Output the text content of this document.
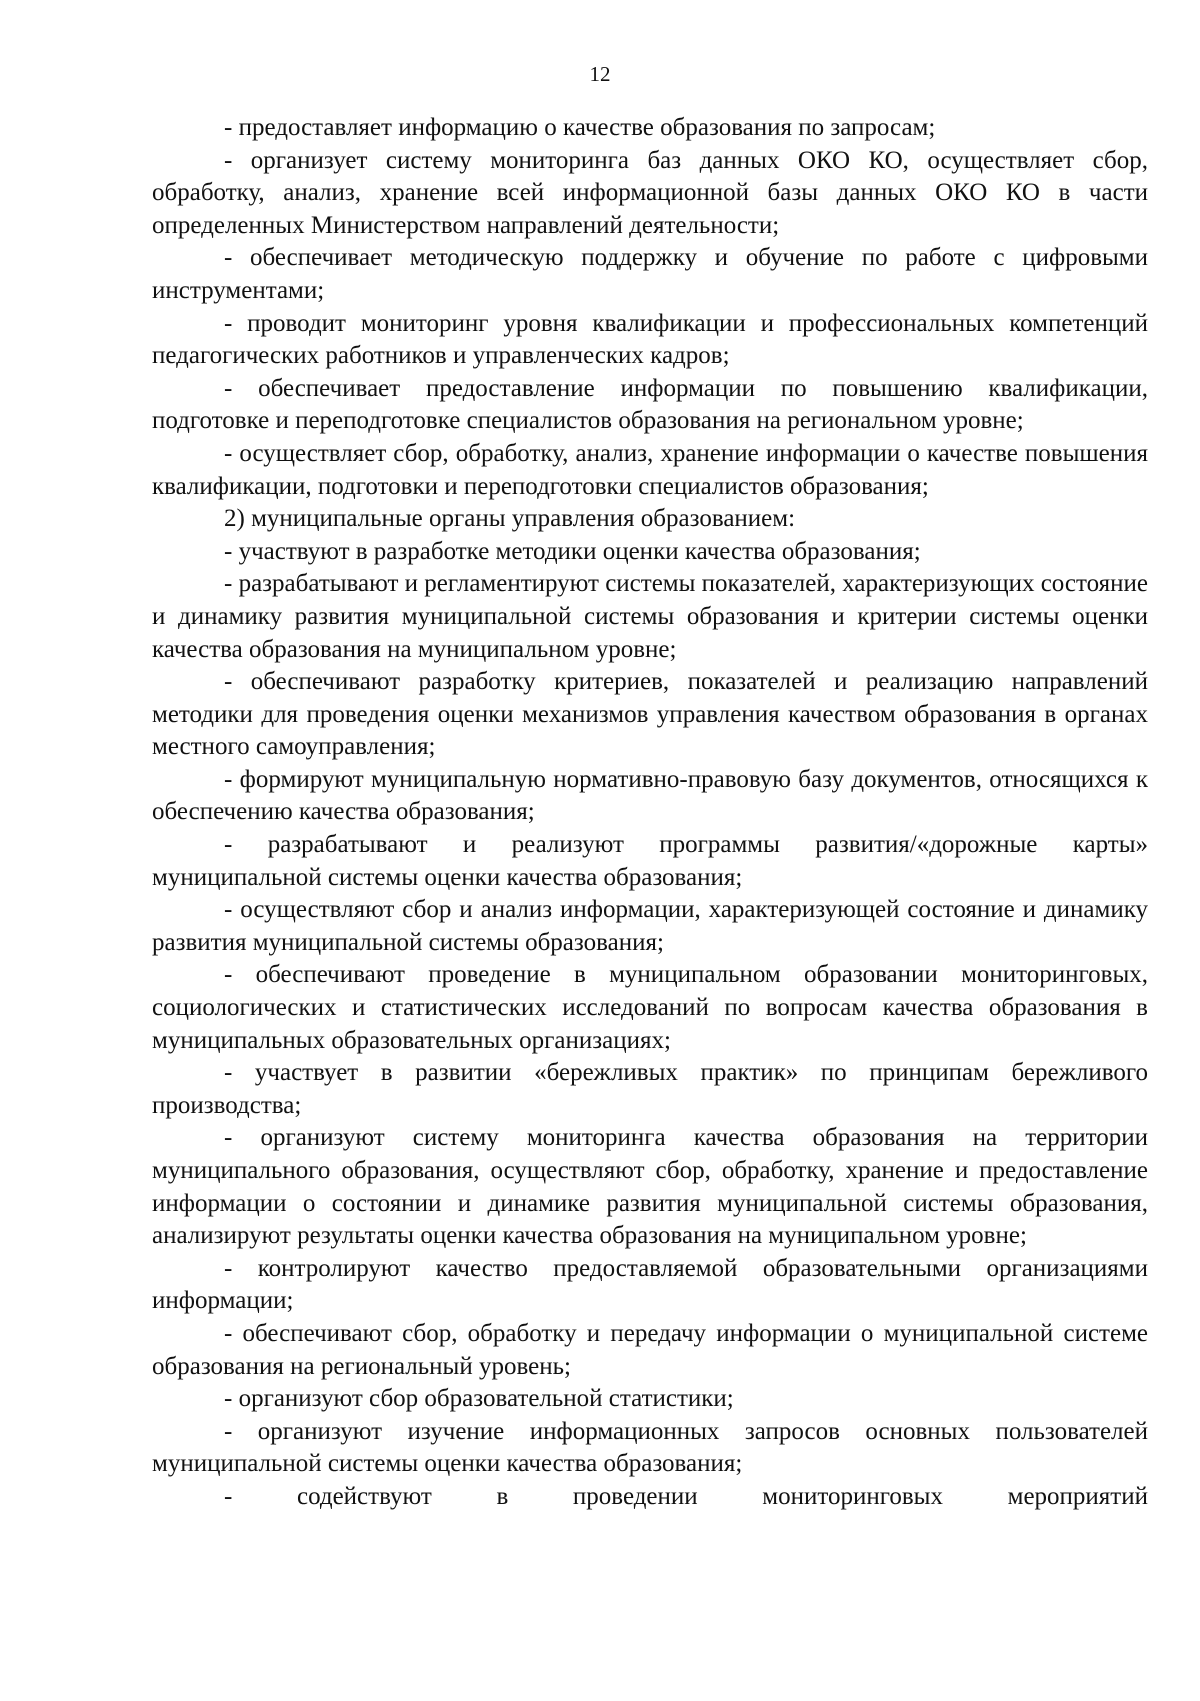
12

- предоставляет информацию о качестве образования по запросам;

- организует систему мониторинга баз данных ОКО КО, осуществляет сбор, обработку, анализ, хранение всей информационной базы данных ОКО КО в части определенных Министерством направлений деятельности;

- обеспечивает методическую поддержку и обучение по работе с цифровыми инструментами;

- проводит мониторинг уровня квалификации и профессиональных компетенций педагогических работников и управленческих кадров;

- обеспечивает предоставление информации по повышению квалификации, подготовке и переподготовке специалистов образования на региональном уровне;

- осуществляет сбор, обработку, анализ, хранение информации о качестве повышения квалификации, подготовки и переподготовки специалистов образования;

2) муниципальные органы управления образованием:

- участвуют в разработке методики оценки качества образования;

- разрабатывают и регламентируют системы показателей, характеризующих состояние и динамику развития муниципальной системы образования и критерии системы оценки качества образования на муниципальном уровне;

- обеспечивают разработку критериев, показателей и реализацию направлений методики для проведения оценки механизмов управления качеством образования в органах местного самоуправления;

- формируют муниципальную нормативно-правовую базу документов, относящихся к обеспечению качества образования;

- разрабатывают и реализуют программы развития/«дорожные карты» муниципальной системы оценки качества образования;

- осуществляют сбор и анализ информации, характеризующей состояние и динамику развития муниципальной системы образования;

- обеспечивают проведение в муниципальном образовании мониторинговых, социологических и статистических исследований по вопросам качества образования в муниципальных образовательных организациях;

- участвует в развитии «бережливых практик» по принципам бережливого производства;

- организуют систему мониторинга качества образования на территории муниципального образования, осуществляют сбор, обработку, хранение и предоставление информации о состоянии и динамике развития муниципальной системы образования, анализируют результаты оценки качества образования на муниципальном уровне;

- контролируют качество предоставляемой образовательными организациями информации;

- обеспечивают сбор, обработку и передачу информации о муниципальной системе образования на региональный уровень;

- организуют сбор образовательной статистики;

- организуют изучение информационных запросов основных пользователей муниципальной системы оценки качества образования;

- содействуют в проведении мониторинговых мероприятий
